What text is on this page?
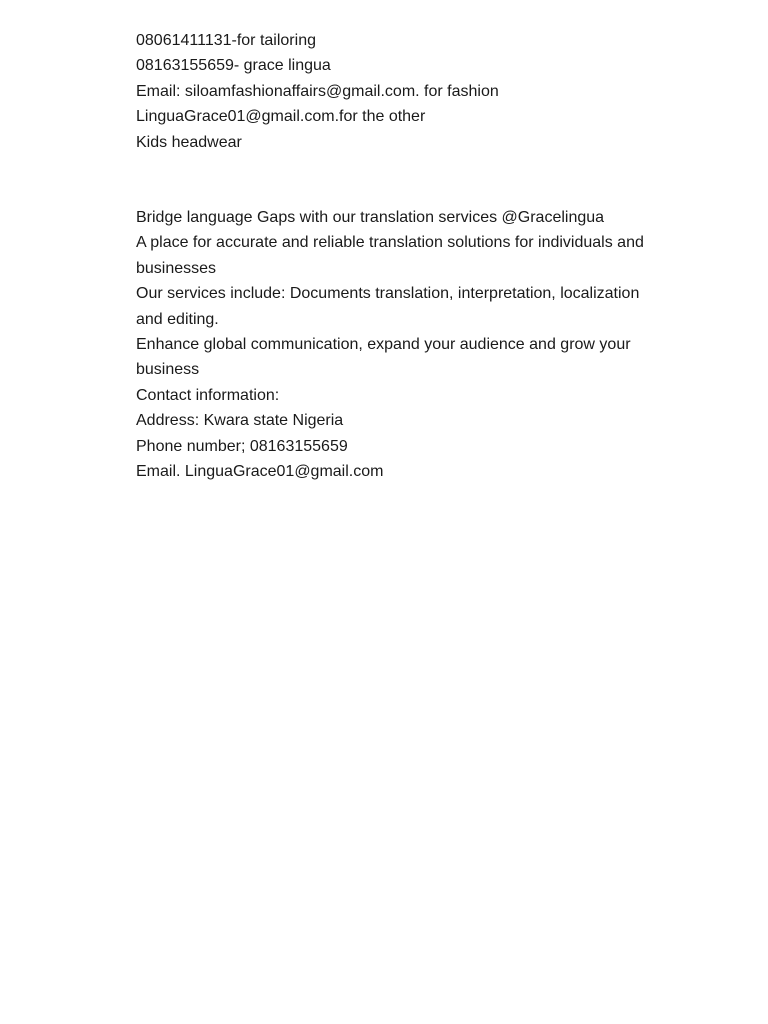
08061411131-for tailoring

08163155659- grace lingua

Email: siloamfashionaffairs@gmail.com. for fashion

LinguaGrace01@gmail.com.for the other

Kids headwear

Bridge language Gaps with our translation services @Gracelingua

A place for accurate and reliable translation solutions for individuals and businesses

Our services include: Documents translation, interpretation, localization and editing.

Enhance global communication, expand your audience and grow your business

Contact information:

Address: Kwara state Nigeria

Phone number; 08163155659

Email. LinguaGrace01@gmail.com
